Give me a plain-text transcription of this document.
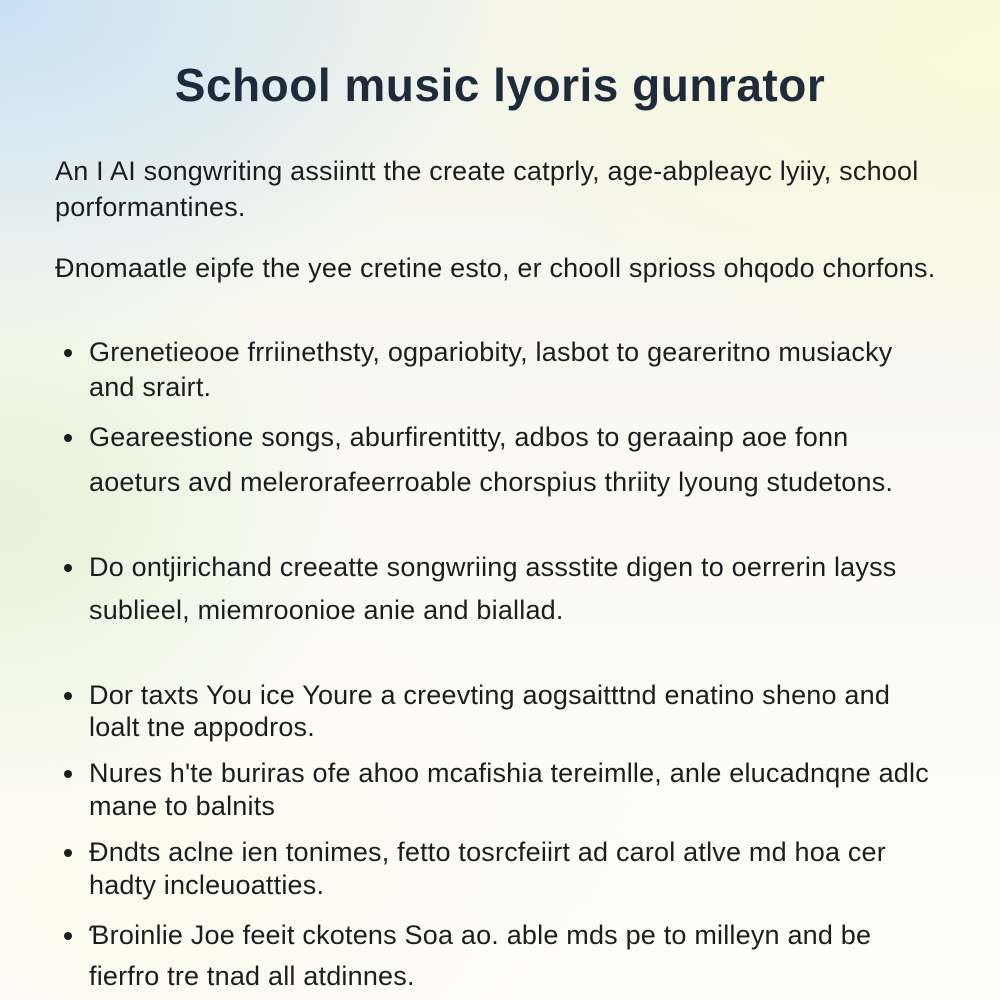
School music lyoris gunrator

An I AI songwriting assiintt the create catprly, age-abpleayc lyiiy, school porformantines.

Ðnomaatle eipfe the yee cretine esto, er chooll sprioss ohqodo chorfons.

• Grenetieooe frriinethsty, ogpariobity, lasbot to geareritno musiacky and srairt.
• Geareestione songs, aburfirentitty, adbos to geraainp aoe fonn aoeturs avd melerorafeerroable chorspius thriity lyoung studetons.
• Do ontjirichand creeatte songwriing assstite digen to oerrerin layss sublieel, miemroonioe anie and biallad.
• Dor taxts You ice Youre a creevting aogsaitttnd enatino sheno and loalt tne appodros.
• Nures h'te buriras ofe ahoo mcafishia tereimlle, anle elucadnqne adlc mane to balnits
• Ðndts aclne ien tonimes, fetto tosrcfeiirt ad carol atlve md hoa cer hadty incleuoatties.
• Ɓroinlie Joe feeit ckotens Soa ao. able mds pe to milleyn and be fierfro tre tnad all atdinnes.
